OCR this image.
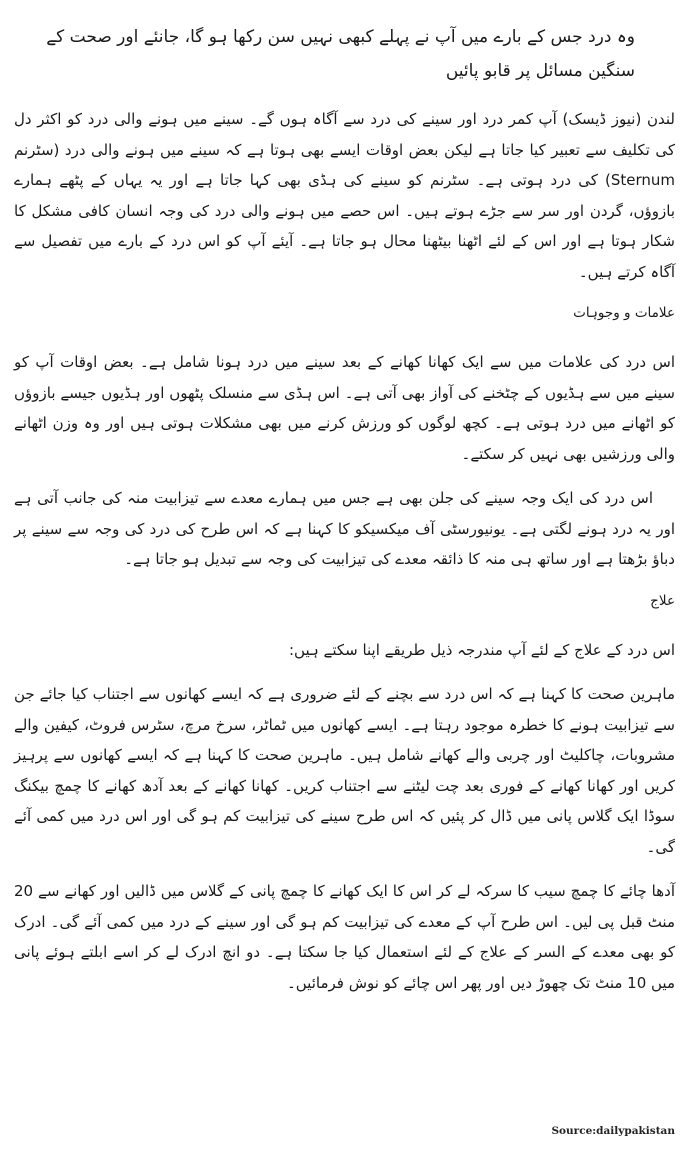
وہ درد جس کے بارے میں آپ نے پہلے کبھی نہیں سن رکھا ہو گا، جانئے اور صحت کے سنگین مسائل پر قابو پائیں

لندن (نیوز ڈیسک) آپ کمر درد اور سینے کی درد سے آگاہ ہوں گے۔ سینے میں ہونے والی درد کو اکثر دل کی تکلیف سے تعبیر کیا جاتا ہے لیکن بعض اوقات ایسے بھی ہوتا ہے کہ سینے میں ہونے والی درد (سٹرنم Sternum) کی درد ہوتی ہے۔ سٹرنم کو سینے کی ہڈی بھی کہا جاتا ہے اور یہ یہاں کے پٹھے ہمارے بازوؤں، گردن اور سر سے جڑے ہوتے ہیں۔ اس حصے میں ہونے والی درد کی وجہ انسان کافی مشکل کا شکار ہوتا ہے اور اس کے لئے اٹھنا بیٹھنا محال ہو جاتا ہے۔ آیئے آپ کو اس درد کے بارے میں تفصیل سے آگاہ کرتے ہیں۔

علامات و وجوہات

اس درد کی علامات میں سے ایک کھانا کھانے کے بعد سینے میں درد ہونا شامل ہے۔ بعض اوقات آپ کو سینے میں سے ہڈیوں کے چٹخنے کی آواز بھی آتی ہے۔ اس ہڈی سے منسلک پٹھوں اور ہڈیوں جیسے بازوؤں کو اٹھانے میں درد ہوتی ہے۔ کچھ لوگوں کو ورزش کرنے میں بھی مشکلات ہوتی ہیں اور وہ وزن اٹھانے والی ورزشیں بھی نہیں کر سکتے۔

اس درد کی ایک وجہ سینے کی جلن بھی ہے جس میں ہمارے معدے سے تیزابیت منہ کی جانب آتی ہے اور یہ درد ہونے لگتی ہے۔ یونیورسٹی آف میکسیکو کا کہنا ہے کہ اس طرح کی درد کی وجہ سے سینے پر دباؤ بڑھتا ہے اور ساتھ ہی منہ کا ذائقہ معدے کی تیزابیت کی وجہ سے تبدیل ہو جاتا ہے۔

علاج

اس درد کے علاج کے لئے آپ مندرجہ ذیل طریقے اپنا سکتے ہیں:

ماہرین صحت کا کہنا ہے کہ اس درد سے بچنے کے لئے ضروری ہے کہ ایسے کھانوں سے اجتناب کیا جائے جن سے تیزابیت ہونے کا خطرہ موجود رہتا ہے۔ ایسے کھانوں میں ٹماٹر، سرخ مرچ، سٹرس فروٹ، کیفین والے مشروبات، چاکلیٹ اور چربی والے کھانے شامل ہیں۔ ماہرین صحت کا کہنا ہے کہ ایسے کھانوں سے پرہیز کریں اور کھانا کھانے کے فوری بعد چت لیٹنے سے اجتناب کریں۔ کھانا کھانے کے بعد آدھ کھانے کا چمچ بیکنگ سوڈا ایک گلاس پانی میں ڈال کر پئیں کہ اس طرح سینے کی تیزابیت کم ہو گی اور اس درد میں کمی آئے گی۔

آدھا چائے کا چمچ سیب کا سرکہ لے کر اس کا ایک کھانے کا چمچ پانی کے گلاس میں ڈالیں اور کھانے سے 20 منٹ قبل پی لیں۔ اس طرح آپ کے معدے کی تیزابیت کم ہو گی اور سینے کے درد میں کمی آئے گی۔ ادرک کو بھی معدے کے السر کے علاج کے لئے استعمال کیا جا سکتا ہے۔ دو انچ ادرک لے کر اسے ابلتے ہوئے پانی میں 10 منٹ تک چھوڑ دیں اور پھر اس چائے کو نوش فرمائیں۔

Source:dailypakistan
